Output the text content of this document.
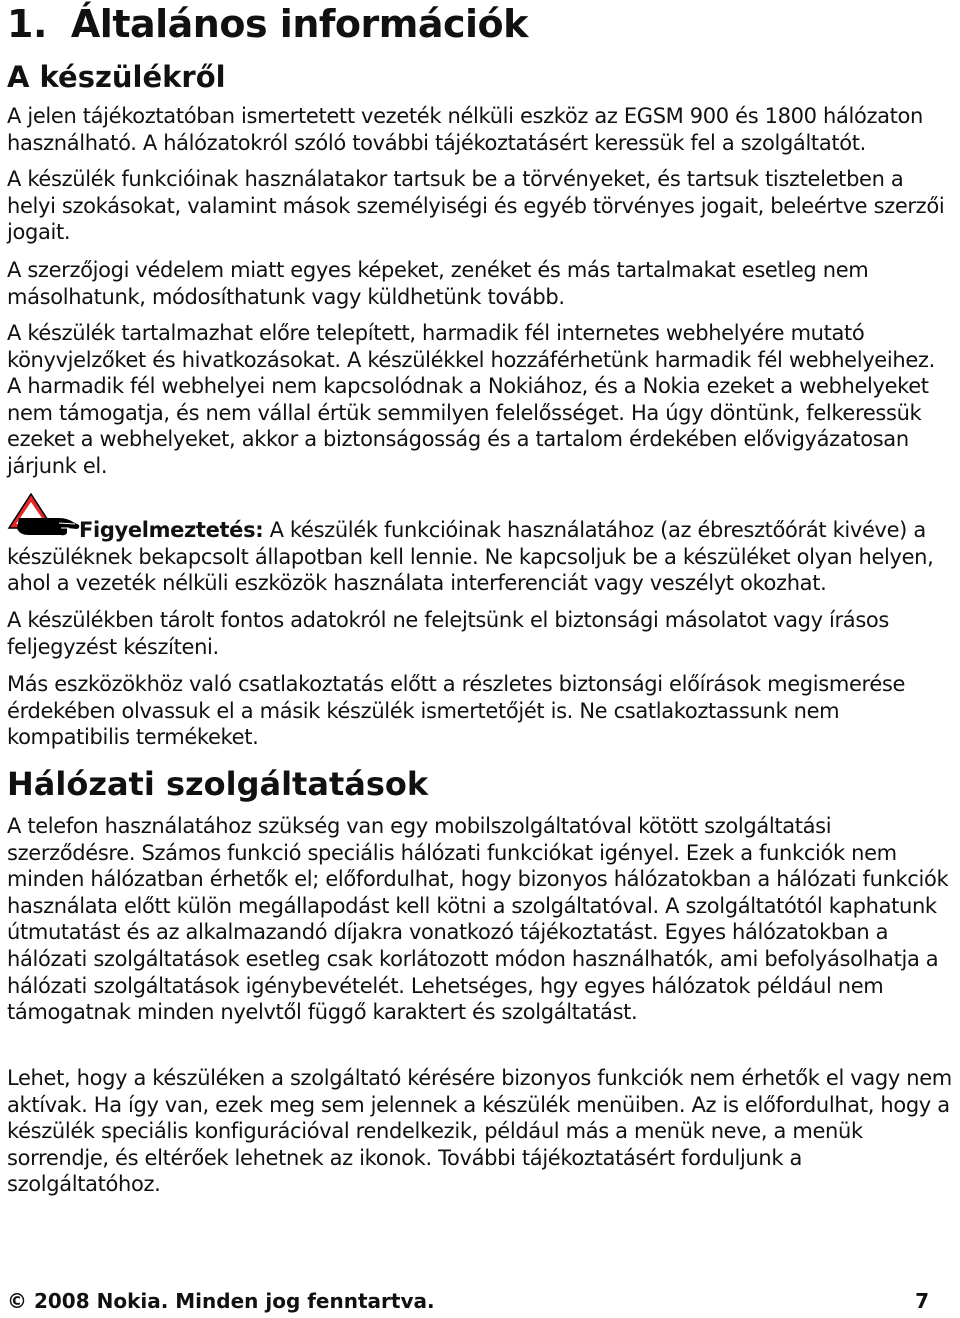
1. Általános információk
A készülékről

A jelen tájékoztatóban ismertetett vezeték nélküli eszköz az EGSM 900 és 1800 hálózaton használható. A hálózatokról szóló további tájékoztatásért keressük fel a szolgáltatót.

A készülék funkcióinak használatakor tartsuk be a törvényeket, és tartsuk tiszteletben a helyi szokásokat, valamint mások személyiségi és egyéb törvényes jogait, beleértve szerzői jogait.

A szerzőjogi védelem miatt egyes képeket, zenéket és más tartalmakat esetleg nem másolhatunk, módosíthatunk vagy küldhetünk tovább.

A készülék tartalmazhat előre telepített, harmadik fél internetes webhelyére mutató könyvjelzőket és hivatkozásokat. A készülékkel hozzáférhetünk harmadik fél webhelyeihez. A harmadik fél webhelyei nem kapcsolódnak a Nokiához, és a Nokia ezeket a webhelyeket nem támogatja, és nem vállal értük semmilyen felelősséget. Ha úgy döntünk, felkeressük ezeket a webhelyeket, akkor a biztonságosság és a tartalom érdekében elővigyázatosan járjunk el.

Figyelmeztetés: A készülék funkcióinak használatához (az ébresztőórát kivéve) a készüléknek bekapcsolt állapotban kell lennie. Ne kapcsoljuk be a készüléket olyan helyen, ahol a vezeték nélküli eszközök használata interferenciát vagy veszélyt okozhat.

A készülékben tárolt fontos adatokról ne felejtsünk el biztonsági másolatot vagy írásos feljegyzést készíteni.

Más eszközökhöz való csatlakoztatás előtt a részletes biztonsági előírások megismerése érdekében olvassuk el a másik készülék ismertetőjét is. Ne csatlakoztassunk nem kompatibilis termékeket.

Hálózati szolgáltatások

A telefon használatához szükség van egy mobilszolgáltatóval kötött szolgáltatási szerződésre. Számos funkció speciális hálózati funkciókat igényel. Ezek a funkciók nem minden hálózatban érhetők el; előfordulhat, hogy bizonyos hálózatokban a hálózati funkciók használata előtt külön megállapodást kell kötni a szolgáltatóval. A szolgáltatótól kaphatunk útmutatást és az alkalmazandó díjakra vonatkozó tájékoztatást. Egyes hálózatokban a hálózati szolgáltatások esetleg csak korlátozott módon használhatók, ami befolyásolhatja a hálózati szolgáltatások igénybevételét. Lehetséges, hgy egyes hálózatok például nem támogatnak minden nyelvtől függő karaktert és szolgáltatást.

Lehet, hogy a készüléken a szolgáltató kérésére bizonyos funkciók nem érhetők el vagy nem aktívak. Ha így van, ezek meg sem jelennek a készülék menüiben. Az is előfordulhat, hogy a készülék speciális konfigurációval rendelkezik, például más a menük neve, a menük sorrendje, és eltérőek lehetnek az ikonok. További tájékoztatásért forduljunk a szolgáltatóhoz.

© 2008 Nokia. Minden jog fenntartva.	7
